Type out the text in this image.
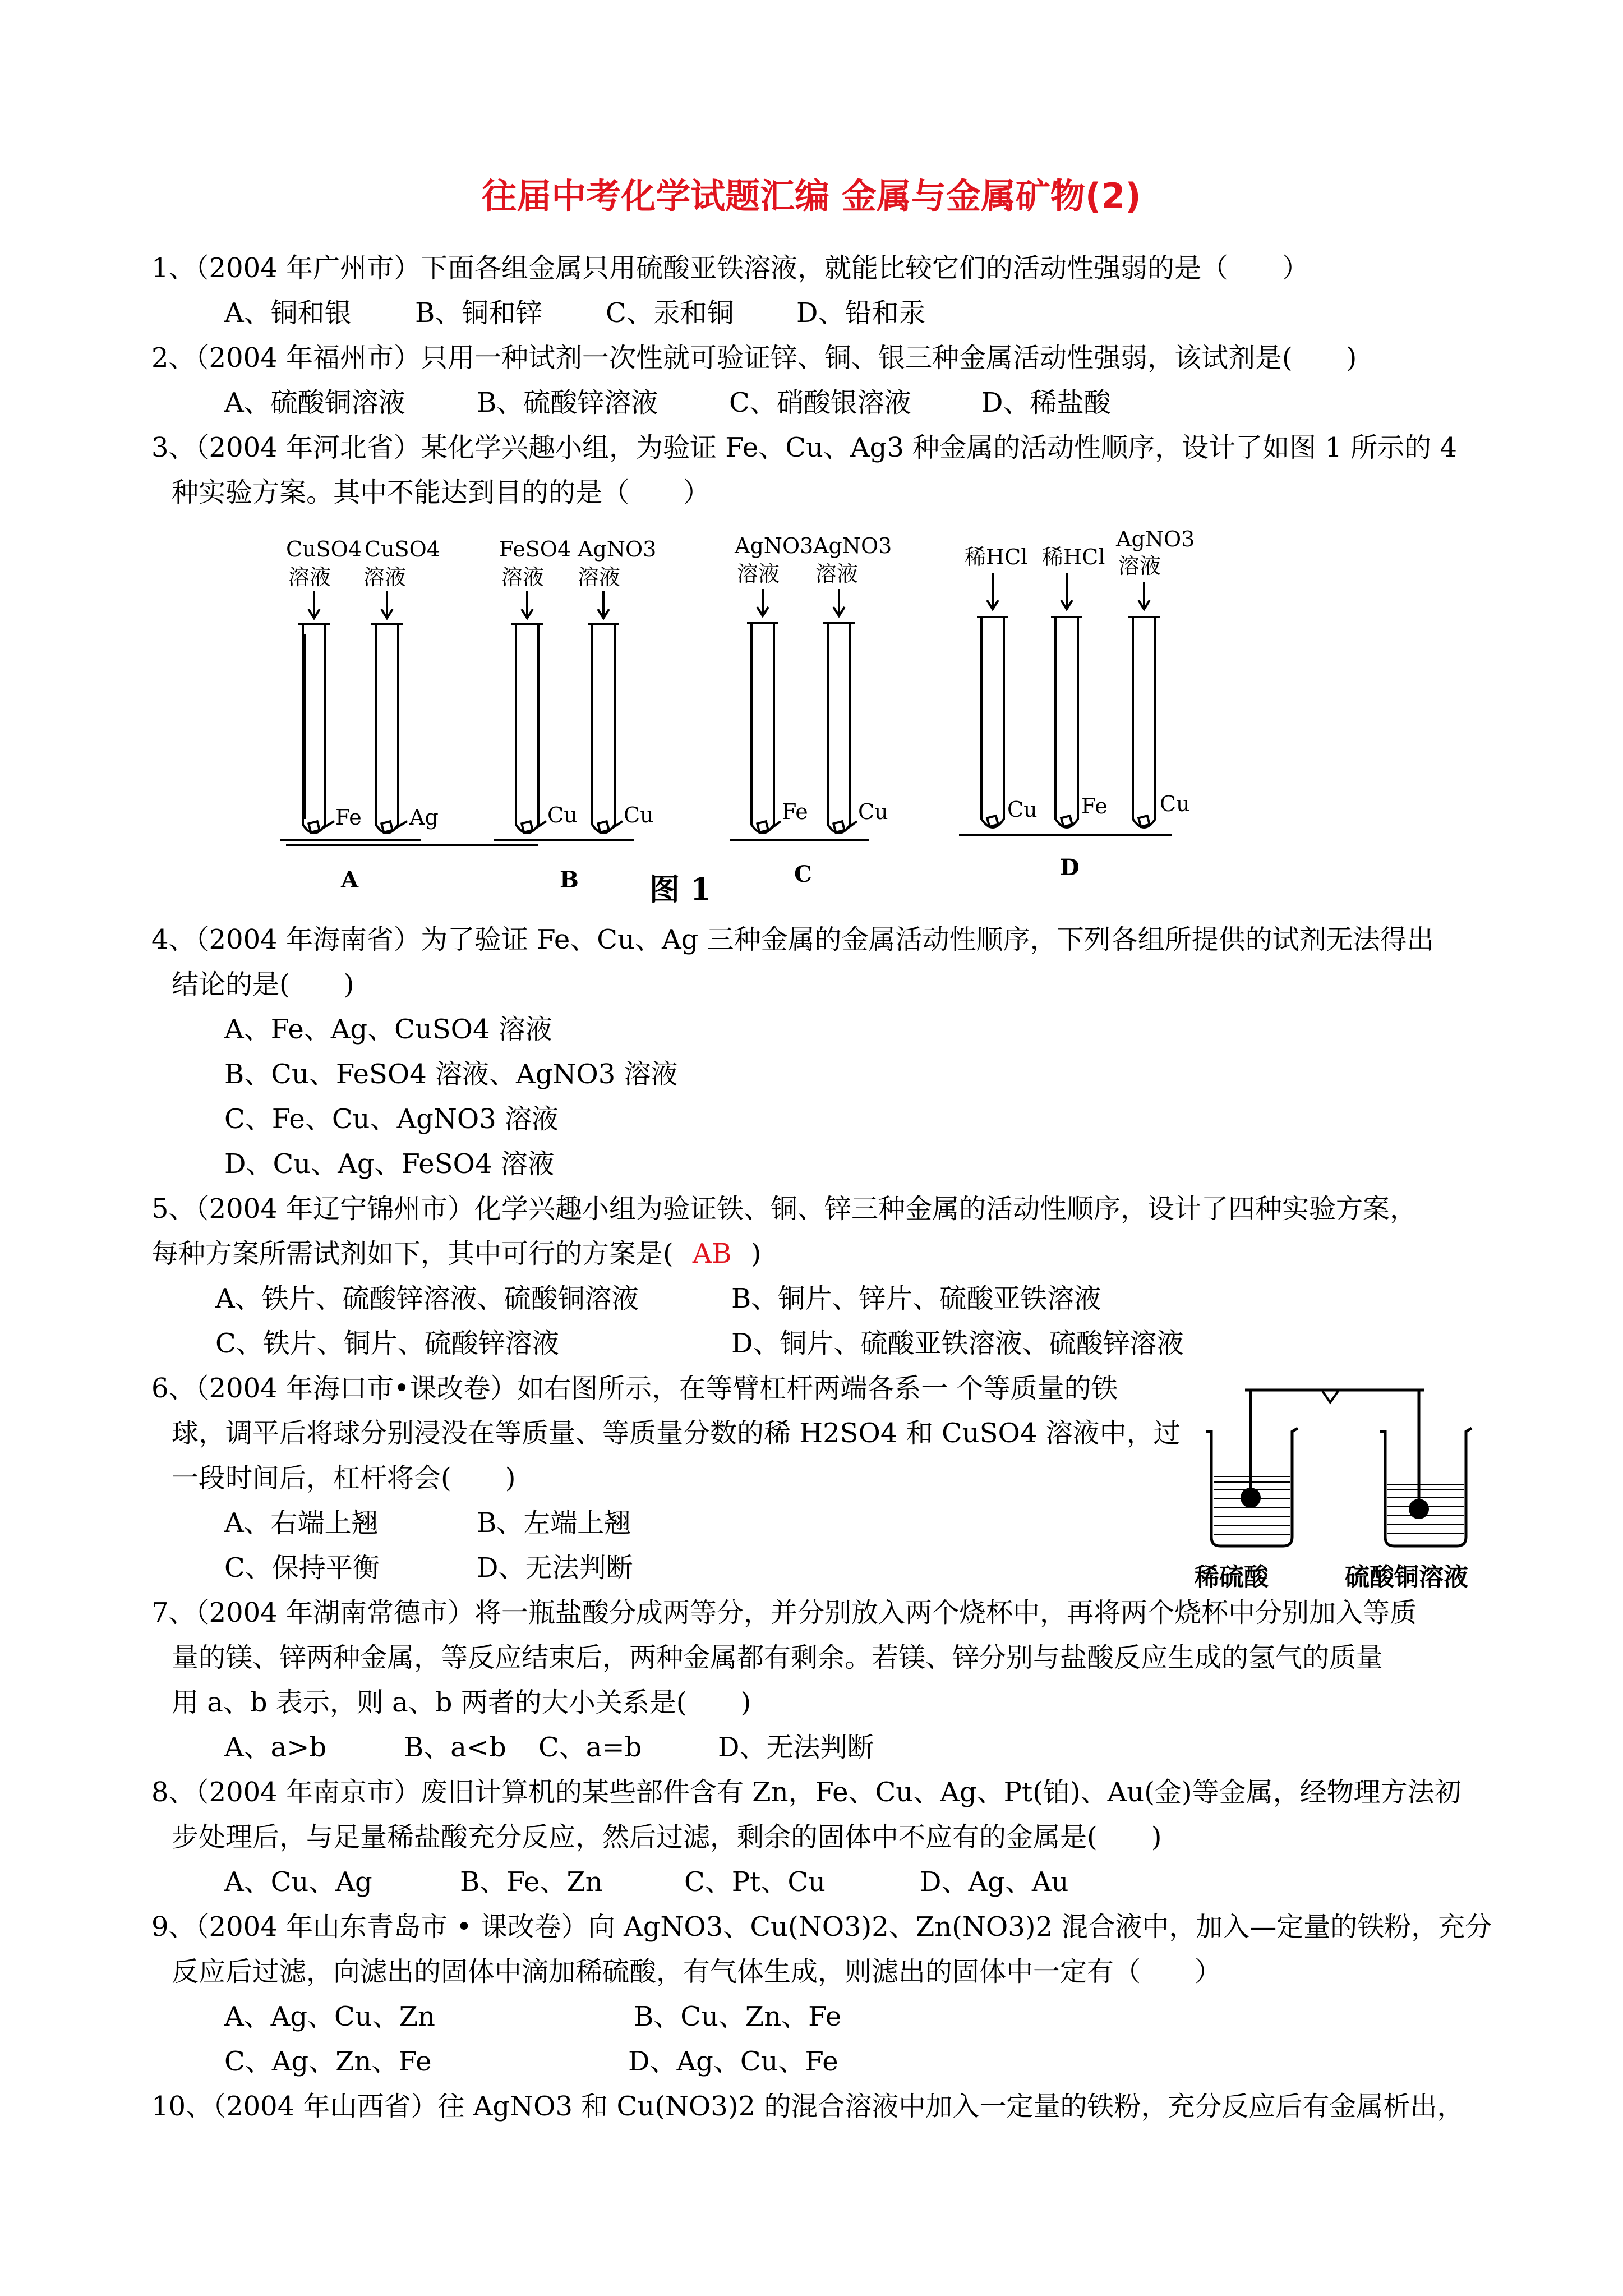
往届中考化学试题汇编 金属与金属矿物(2)
1、（2004 年广州市）下面各组金属只用硫酸亚铁溶液，就能比较它们的活动性强弱的是（　　）
A、铜和银 B、铜和锌 C、汞和铜 D、铅和汞
2、（2004 年福州市）只用一种试剂一次性就可验证锌、铜、银三种金属活动性强弱，该试剂是(　　)
A、硫酸铜溶液	B、硫酸锌溶液	C、硝酸银溶液	D、稀盐酸
3、（2004 年河北省）某化学兴趣小组，为验证 Fe、Cu、Ag3 种金属的活动性顺序，设计了如图 1 所示的 4
种实验方案。其中不能达到目的的是（　　）
CuSO4 CuSO4
溶液 溶液
Fe Ag
A
FeSO4 AgNO3
溶液 溶液
Cu Cu
B 图 1
AgNO3 AgNO3
溶液 溶液
Fe Cu
C
稀HCl 稀HCl
AgNO3
溶液
Cu Fe Cu
D
4、（2004 年海南省）为了验证 Fe、Cu、Ag 三种金属的金属活动性顺序，下列各组所提供的试剂无法得出
结论的是(　　)
A、Fe、Ag、CuSO4 溶液
B、Cu、FeSO4 溶液、AgNO3 溶液
C、Fe、Cu、AgNO3 溶液
D、Cu、Ag、FeSO4 溶液
5、（2004 年辽宁锦州市）化学兴趣小组为验证铁、铜、锌三种金属的活动性顺序，设计了四种实验方案，
每种方案所需试剂如下，其中可行的方案是( AB )
A、铁片、硫酸锌溶液、硫酸铜溶液	B、铜片、锌片、硫酸亚铁溶液
C、铁片、铜片、硫酸锌溶液	D、铜片、硫酸亚铁溶液、硫酸锌溶液
6、（2004 年海口市•课改卷）如右图所示，在等臂杠杆两端各系一 个等质量的铁
球，调平后将球分别浸没在等质量、等质量分数的稀 H2SO4 和 CuSO4 溶液中，过
一段时间后，杠杆将会(　　)
A、右端上翘	B、左端上翘
C、保持平衡	D、无法判断	稀硫酸	硫酸铜溶液
7、（2004 年湖南常德市）将一瓶盐酸分成两等分，并分别放入两个烧杯中，再将两个烧杯中分别加入等质
量的镁、锌两种金属，等反应结束后，两种金属都有剩余。若镁、锌分别与盐酸反应生成的氢气的质量
用 a、b 表示，则 a、b 两者的大小关系是(　　)
A、a>b	B、a<b C、a=b	D、无法判断
8、（2004 年南京市）废旧计算机的某些部件含有 Zn，Fe、Cu、Ag、Pt(铂)、Au(金)等金属，经物理方法初
步处理后，与足量稀盐酸充分反应，然后过滤，剩余的固体中不应有的金属是(　　)
A、Cu、Ag	B、Fe、Zn	C、Pt、Cu	D、Ag、Au
9、（2004 年山东青岛市 • 课改卷）向 AgNO3、Cu(NO3)2、Zn(NO3)2 混合液中，加入—定量的铁粉，充分
反应后过滤，向滤出的固体中滴加稀硫酸，有气体生成，则滤出的固体中一定有（　　）
A、Ag、Cu、Zn	B、Cu、Zn、Fe
C、Ag、Zn、Fe	D、Ag、Cu、Fe
10、（2004 年山西省）往 AgNO3 和 Cu(NO3)2 的混合溶液中加入一定量的铁粉，充分反应后有金属析出，
